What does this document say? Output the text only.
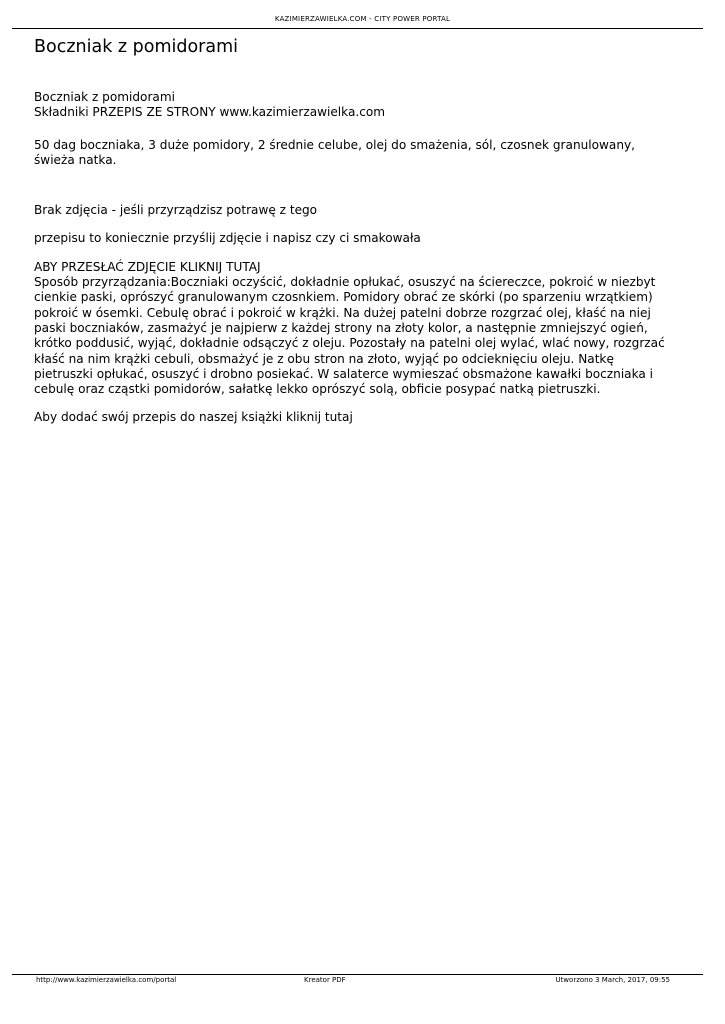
KAZIMIERZAWIELKA.COM - CITY POWER PORTAL
Boczniak z pomidorami

Boczniak z pomidorami

Składniki PRZEPIS ZE STRONY www.kazimierzawielka.com

50 dag boczniaka, 3 duże pomidory, 2 średnie celube, olej do smażenia, sól, czosnek granulowany,
świeża natka.

Brak zdjęcia - jeśli przyrządzisz potrawę z tego

przepisu to koniecznie przyślij zdjęcie i napisz czy ci smakowała

ABY PRZESŁAĆ ZDJĘCIE KLIKNIJ TUTAJ

Sposób przyrządzania:Boczniaki oczyścić, dokładnie opłukać, osuszyć na ściereczce, pokroić w niezbyt
cienkie paski, oprószyć granulowanym czosnkiem. Pomidory obrać ze skórki (po sparzeniu wrzątkiem)
pokroić w ósemki. Cebulę obrać i pokroić w krążki. Na dużej patelni dobrze rozgrzać olej, kłaść na niej
paski boczniaków, zasmażyć je najpierw z każdej strony na złoty kolor, a następnie zmniejszyć ogień,
krótko poddusić, wyjąć, dokładnie odsączyć z oleju. Pozostały na patelni olej wylać, wlać nowy, rozgrzać
kłaść na nim krążki cebuli, obsmażyć je z obu stron na złoto, wyjąć po odcieknięciu oleju. Natkę
pietruszki opłukać, osuszyć i drobno posiekać. W salaterce wymieszać obsmażone kawałki boczniaka i
cebulę oraz cząstki pomidorów, sałatkę lekko oprószyć solą, obficie posypać natką pietruszki.

Aby dodać swój przepis do naszej książki kliknij tutaj

http://www.kazimierzawielka.com/portal	Kreator PDF	Utworzono 3 March, 2017, 09:55
